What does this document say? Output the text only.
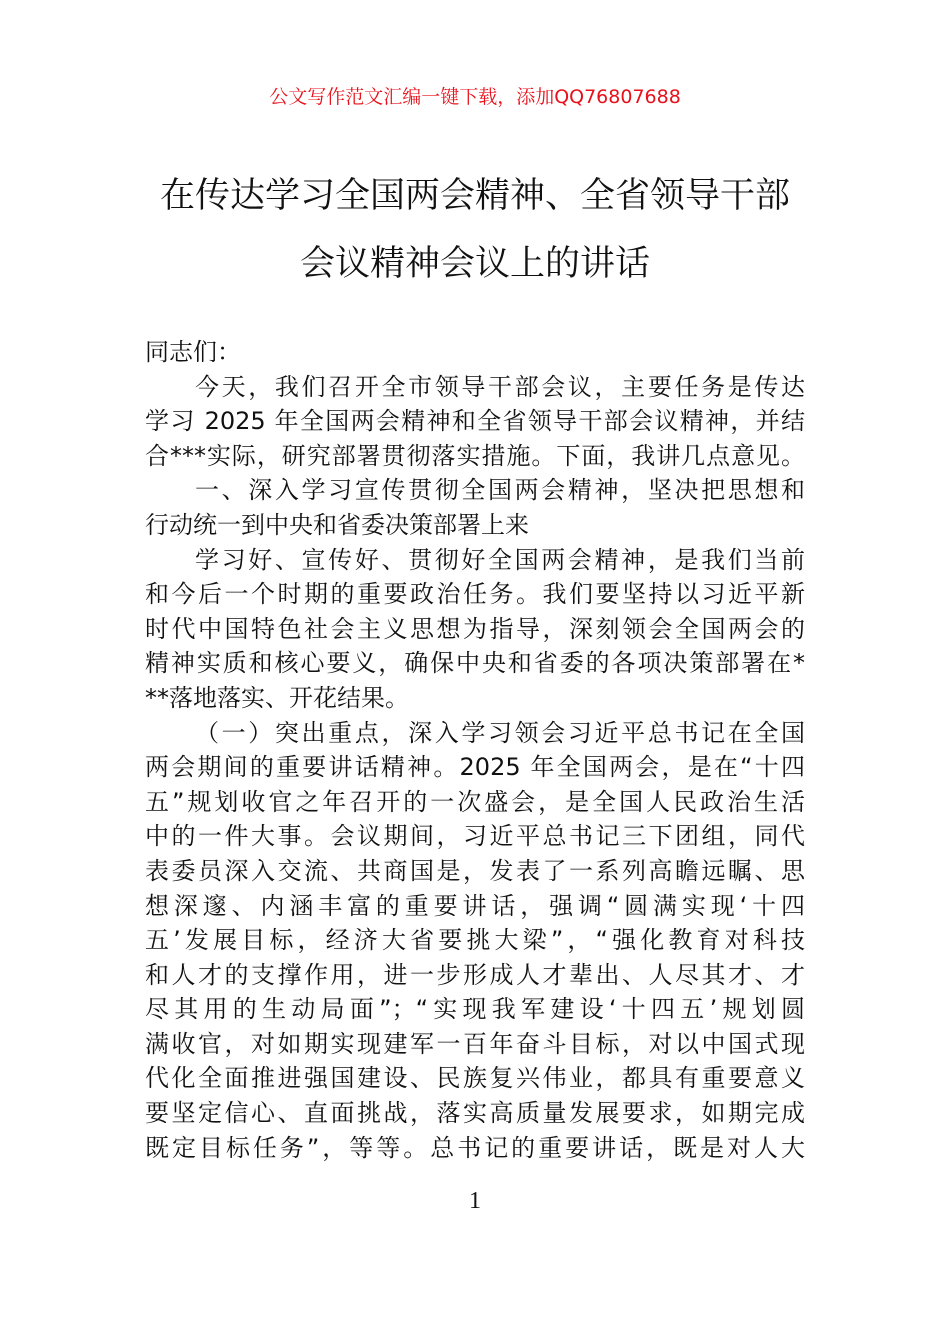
公文写作范文汇编一键下载，添加QQ76807688
在传达学习全国两会精神、全省领导干部
会议精神会议上的讲话
同志们：
今天，我们召开全市领导干部会议，主要任务是传达
学习 2025 年全国两会精神和全省领导干部会议精神，并结
合***实际，研究部署贯彻落实措施。下面，我讲几点意见。
一、深入学习宣传贯彻全国两会精神，坚决把思想和
行动统一到中央和省委决策部署上来
学习好、宣传好、贯彻好全国两会精神，是我们当前
和今后一个时期的重要政治任务。我们要坚持以习近平新
时代中国特色社会主义思想为指导，深刻领会全国两会的
精神实质和核心要义，确保中央和省委的各项决策部署在*
**落地落实、开花结果。
（一）突出重点，深入学习领会习近平总书记在全国
两会期间的重要讲话精神。2025 年全国两会，是在“十四
五”规划收官之年召开的一次盛会，是全国人民政治生活
中的一件大事。会议期间，习近平总书记三下团组，同代
表委员深入交流、共商国是，发表了一系列高瞻远瞩、思
想深邃、内涵丰富的重要讲话，强调“圆满实现‘十四
五’发展目标，经济大省要挑大梁”，“强化教育对科技
和人才的支撑作用，进一步形成人才辈出、人尽其才、才
尽其用的生动局面”；“实现我军建设‘十四五’规划圆
满收官，对如期实现建军一百年奋斗目标，对以中国式现
代化全面推进强国建设、民族复兴伟业，都具有重要意义
要坚定信心、直面挑战，落实高质量发展要求，如期完成
既定目标任务”，等等。总书记的重要讲话，既是对人大
1
